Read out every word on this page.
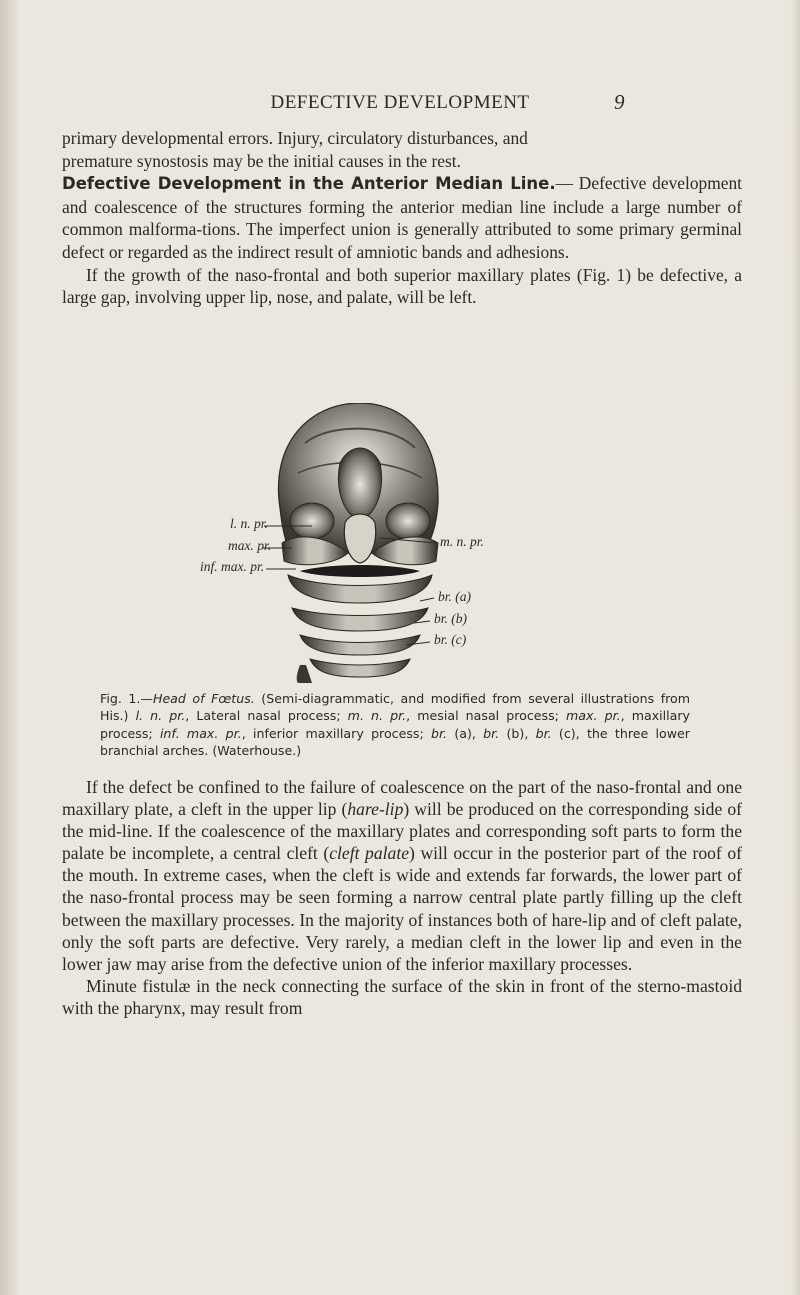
DEFECTIVE DEVELOPMENT	9

primary developmental errors. Injury, circulatory disturbances, and
premature synostosis may be the initial causes in the rest.

Defective Development in the Anterior Median Line.— Defective development and coalescence of the structures forming the anterior median line include a large number of common malforma-tions. The imperfect union is generally attributed to some primary germinal defect or regarded as the indirect result of amniotic bands and adhesions.

If the growth of the naso-frontal and both superior maxillary plates (Fig. 1) be defective, a large gap, involving upper lip, nose, and palate, will be left.

l. n. pr.
max. pr.
inf. max. pr.
m. n. pr.
br. (a)
br. (b)
br. (c)

Fig. 1.—Head of Fœtus. (Semi-diagrammatic, and modified from several illustrations from His.) l. n. pr., Lateral nasal process; m. n. pr., mesial nasal process; max. pr., maxillary process; inf. max. pr., inferior maxillary process; br. (a), br. (b), br. (c), the three lower branchial arches. (Waterhouse.)

If the defect be confined to the failure of coalescence on the part of the naso-frontal and one maxillary plate, a cleft in the upper lip (hare-lip) will be produced on the corresponding side of the mid-line. If the coalescence of the maxillary plates and corresponding soft parts to form the palate be incomplete, a central cleft (cleft palate) will occur in the posterior part of the roof of the mouth. In extreme cases, when the cleft is wide and extends far forwards, the lower part of the naso-frontal process may be seen forming a narrow central plate partly filling up the cleft between the maxillary processes. In the majority of instances both of hare-lip and of cleft palate, only the soft parts are defective. Very rarely, a median cleft in the lower lip and even in the lower jaw may arise from the defective union of the inferior maxillary processes.

Minute fistulæ in the neck connecting the surface of the skin in front of the sterno-mastoid with the pharynx, may result from
